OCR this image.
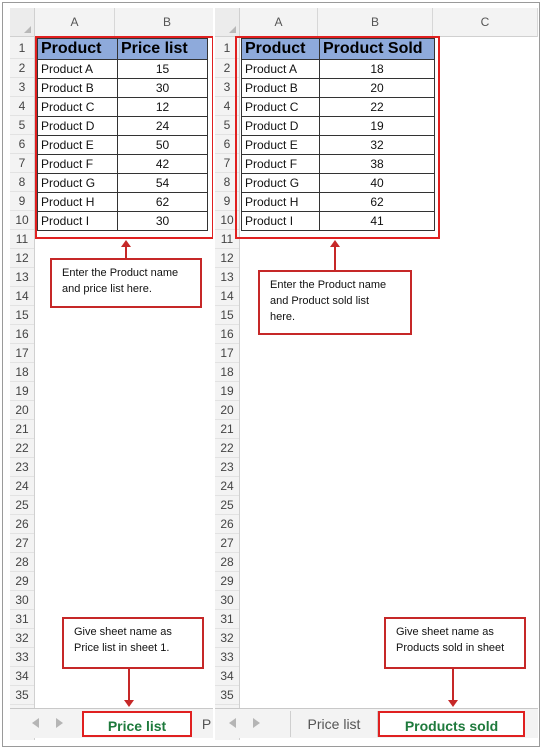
A	B
1
2
3
4
5
6
7
8
9
10
11
12
13
14
15
16
17
18
19
20
21
22
23
24
25
26
27
28
29
30
31
32
33
34
35
Product	Price list
Product A	15
Product B	30
Product C	12
Product D	24
Product E	50
Product F	42
Product G	54
Product H	62
Product I	30
A	B	C
1
2
3
4
5
6
7
8
9
10
11
12
13
14
15
16
17
18
19
20
21
22
23
24
25
26
27
28
29
30
31
32
33
34
35
Product	Product Sold
Product A	18
Product B	20
Product C	22
Product D	19
Product E	32
Product F	38
Product G	40
Product H	62
Product I	41
Enter the Product name
and price list here.
Give sheet name as
Price list in sheet 1.
Enter the Product name
and Product sold list
here.
Give sheet name as
Products sold in sheet
Price list	P	Price list	Products sold
